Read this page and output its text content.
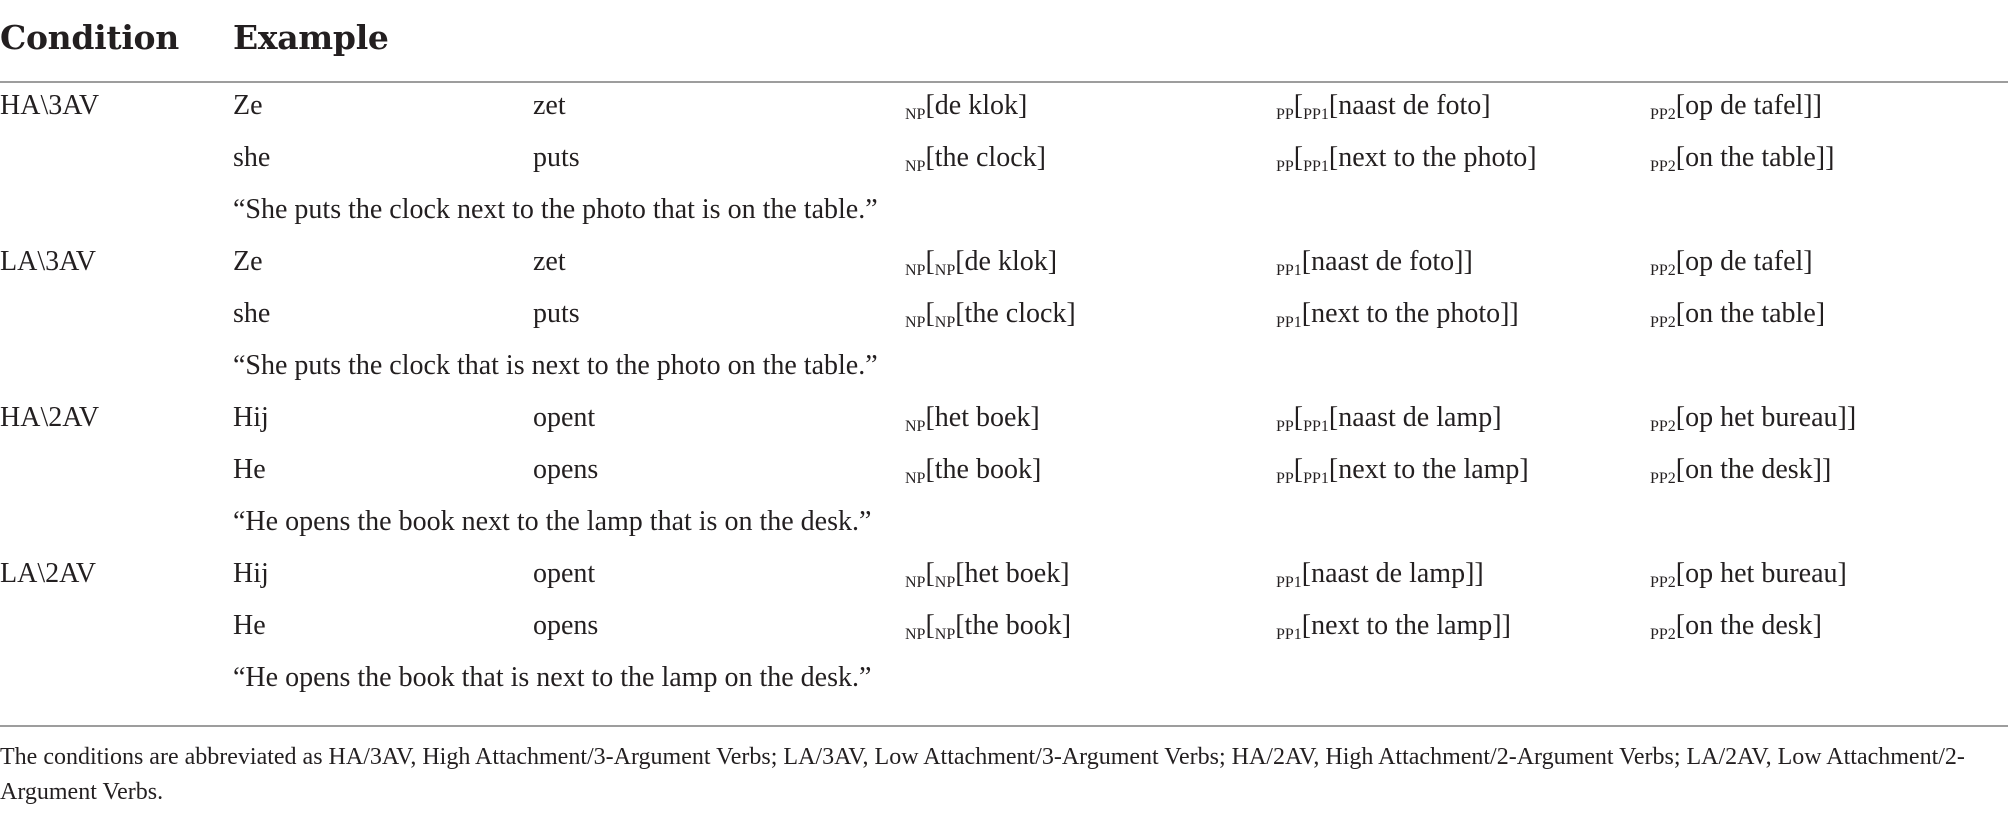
Condition Example
HA\3AV	Ze	zet	$_{NP}$[de klok]	$_{PP}[_{PP1}[naast$ de foto]	$_{PP2}$[op de tafel]]
she	puts	$_{NP}$[the clock]	$_{PP}[_{PP1}[next$ to the photo]	$_{PP2}$[on the table]]
“She puts the clock next to the photo that is on the table.”
LA\3AV	Ze	zet	$_{NP}[_{NP}[de$ klok]	$_{PP1}$[naast de foto]]	$_{PP2}$[op de tafel]
she	puts	$_{NP}[_{NP}[the$ clock]	$_{PP1}$[next to the photo]]	$_{PP2}$[on the table]
“She puts the clock that is next to the photo on the table.”
HA\2AV	Hij	opent	$_{NP}$[het boek]	$_{PP}[_{PP1}[naast$ de lamp]	$_{PP2}$[op het bureau]]
He	opens	$_{NP}$[the book]	$_{PP}[_{PP1}[next$ to the lamp]	$_{PP2}$[on the desk]]
“He opens the book next to the lamp that is on the desk.”
LA\2AV	Hij	opent	$_{NP}[_{NP}[het$ boek]	$_{PP1}$[naast de lamp]]	$_{PP2}$[op het bureau]
He	opens	$_{NP}[_{NP}[the$ book]	$_{PP1}$[next to the lamp]]	$_{PP2}$[on the desk]
“He opens the book that is next to the lamp on the desk.”
The conditions are abbreviated as HA/3AV, High Attachment/3-Argument Verbs; LA/3AV, Low Attachment/3-Argument Verbs; HA/2AV, High Attachment/2-Argument Verbs; LA/2AV, Low Attachment/2-Argument Verbs.
